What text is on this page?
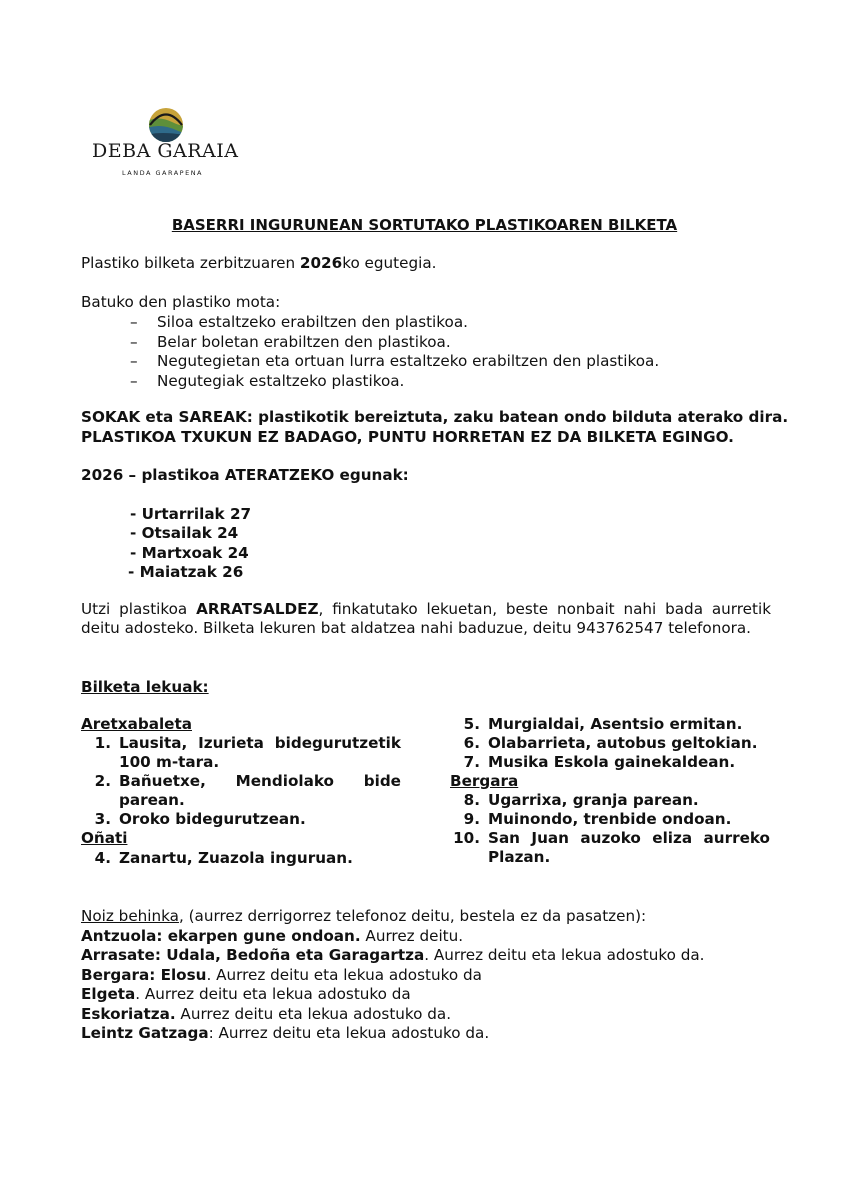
DEBA GARAIA
LANDA GARAPENA
BASERRI INGURUNEAN SORTUTAKO PLASTIKOAREN BILKETA
Plastiko bilketa zerbitzuaren 2026ko egutegia.
Batuko den plastiko mota:
– Siloa estaltzeko erabiltzen den plastikoa.
– Belar boletan erabiltzen den plastikoa.
– Negutegietan eta ortuan lurra estaltzeko erabiltzen den plastikoa.
– Negutegiak estaltzeko plastikoa.
SOKAK eta SAREAK: plastikotik bereiztuta, zaku batean ondo bilduta aterako dira.
PLASTIKOA TXUKUN EZ BADAGO, PUNTU HORRETAN EZ DA BILKETA EGINGO.
2026 – plastikoa ATERATZEKO egunak:
- Urtarrilak 27
- Otsailak 24
- Martxoak 24
- Maiatzak 26
Utzi plastikoa ARRATSALDEZ, finkatutako lekuetan, beste nonbait nahi bada aurretik deitu adosteko. Bilketa lekuren bat aldatzea nahi baduzue, deitu 943762547 telefonora.
Bilketa lekuak:
Aretxabaleta
1. Lausita, Izurieta bidegurutzetik 100 m-tara.
2. Bañuetxe, Mendiolako bide parean.
3. Oroko bidegurutzean.
Oñati
4. Zanartu, Zuazola inguruan.
5. Murgialdai, Asentsio ermitan.
6. Olabarrieta, autobus geltokian.
7. Musika Eskola gainekaldean.
Bergara
8. Ugarrixa, granja parean.
9. Muinondo, trenbide ondoan.
10. San Juan auzoko eliza aurreko Plazan.
Noiz behinka, (aurrez derrigorrez telefonoz deitu, bestela ez da pasatzen):
Antzuola: ekarpen gune ondoan. Aurrez deitu.
Arrasate: Udala, Bedoña eta Garagartza. Aurrez deitu eta lekua adostuko da.
Bergara: Elosu. Aurrez deitu eta lekua adostuko da
Elgeta. Aurrez deitu eta lekua adostuko da
Eskoriatza. Aurrez deitu eta lekua adostuko da.
Leintz Gatzaga: Aurrez deitu eta lekua adostuko da.
